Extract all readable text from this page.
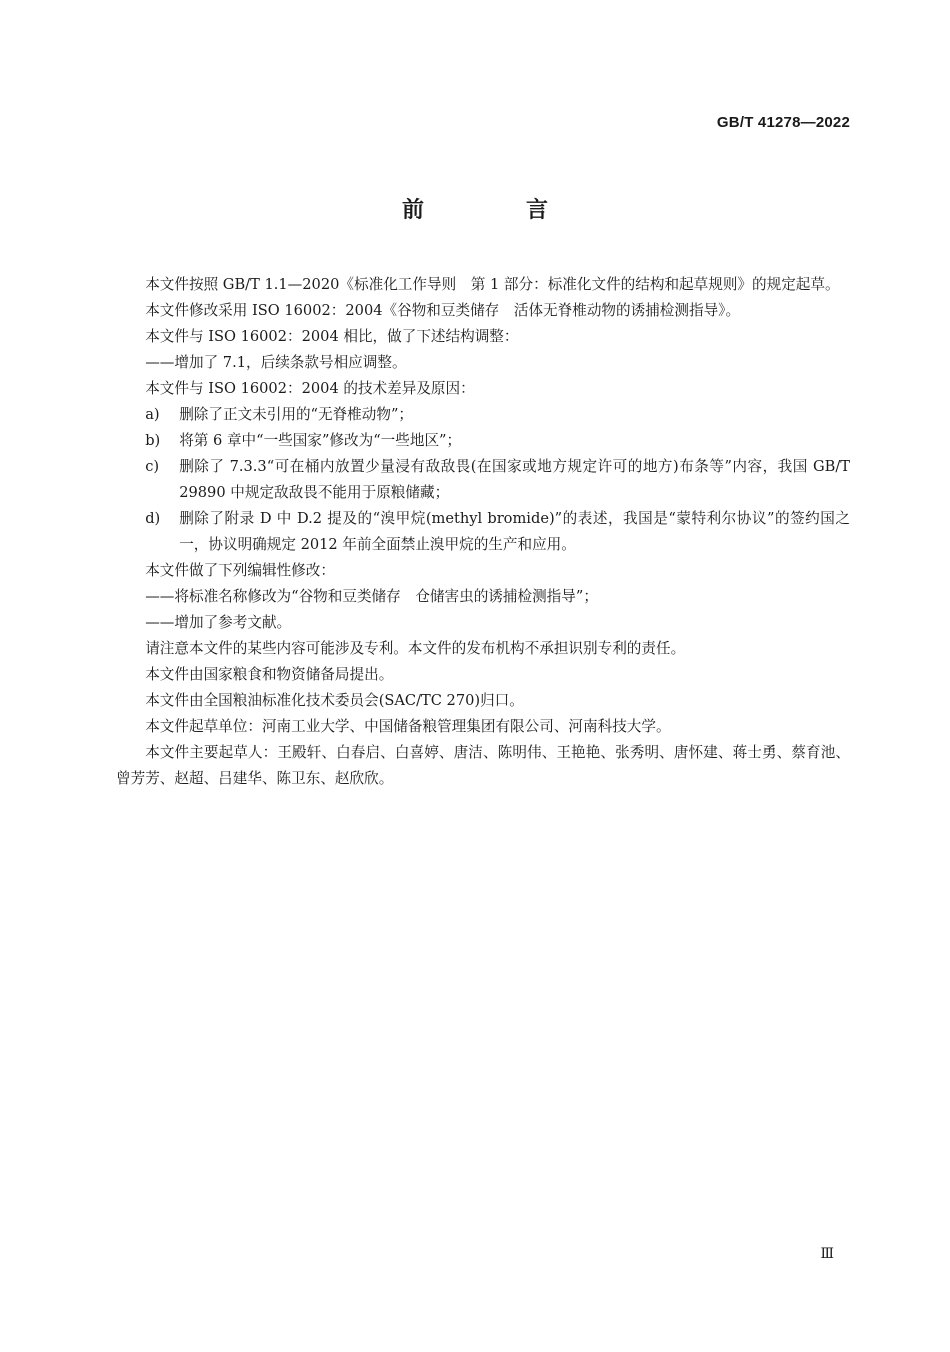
GB/T 41278—2022
前　言
本文件按照 GB/T 1.1—2020《标准化工作导则　第 1 部分：标准化文件的结构和起草规则》的规定起草。
本文件修改采用 ISO 16002：2004《谷物和豆类储存　活体无脊椎动物的诱捕检测指导》。
本文件与 ISO 16002：2004 相比，做了下述结构调整：
——增加了 7.1，后续条款号相应调整。
本文件与 ISO 16002：2004 的技术差异及原因：
a)	删除了正文未引用的“无脊椎动物”；
b)	将第 6 章中“一些国家”修改为“一些地区”；
c)	删除了 7.3.3“可在桶内放置少量浸有敌敌畏(在国家或地方规定许可的地方)布条等”内容，我国 GB/T 29890 中规定敌敌畏不能用于原粮储藏；
d)	删除了附录 D 中 D.2 提及的“溴甲烷(methyl bromide)”的表述，我国是“蒙特利尔协议”的签约国之一，协议明确规定 2012 年前全面禁止溴甲烷的生产和应用。
本文件做了下列编辑性修改：
——将标准名称修改为“谷物和豆类储存　仓储害虫的诱捕检测指导”；
——增加了参考文献。
请注意本文件的某些内容可能涉及专利。本文件的发布机构不承担识别专利的责任。
本文件由国家粮食和物资储备局提出。
本文件由全国粮油标准化技术委员会(SAC/TC 270)归口。
本文件起草单位：河南工业大学、中国储备粮管理集团有限公司、河南科技大学。
本文件主要起草人：王殿轩、白春启、白喜婷、唐洁、陈明伟、王艳艳、张秀明、唐怀建、蒋士勇、蔡育池、曾芳芳、赵超、吕建华、陈卫东、赵欣欣。
Ⅲ
